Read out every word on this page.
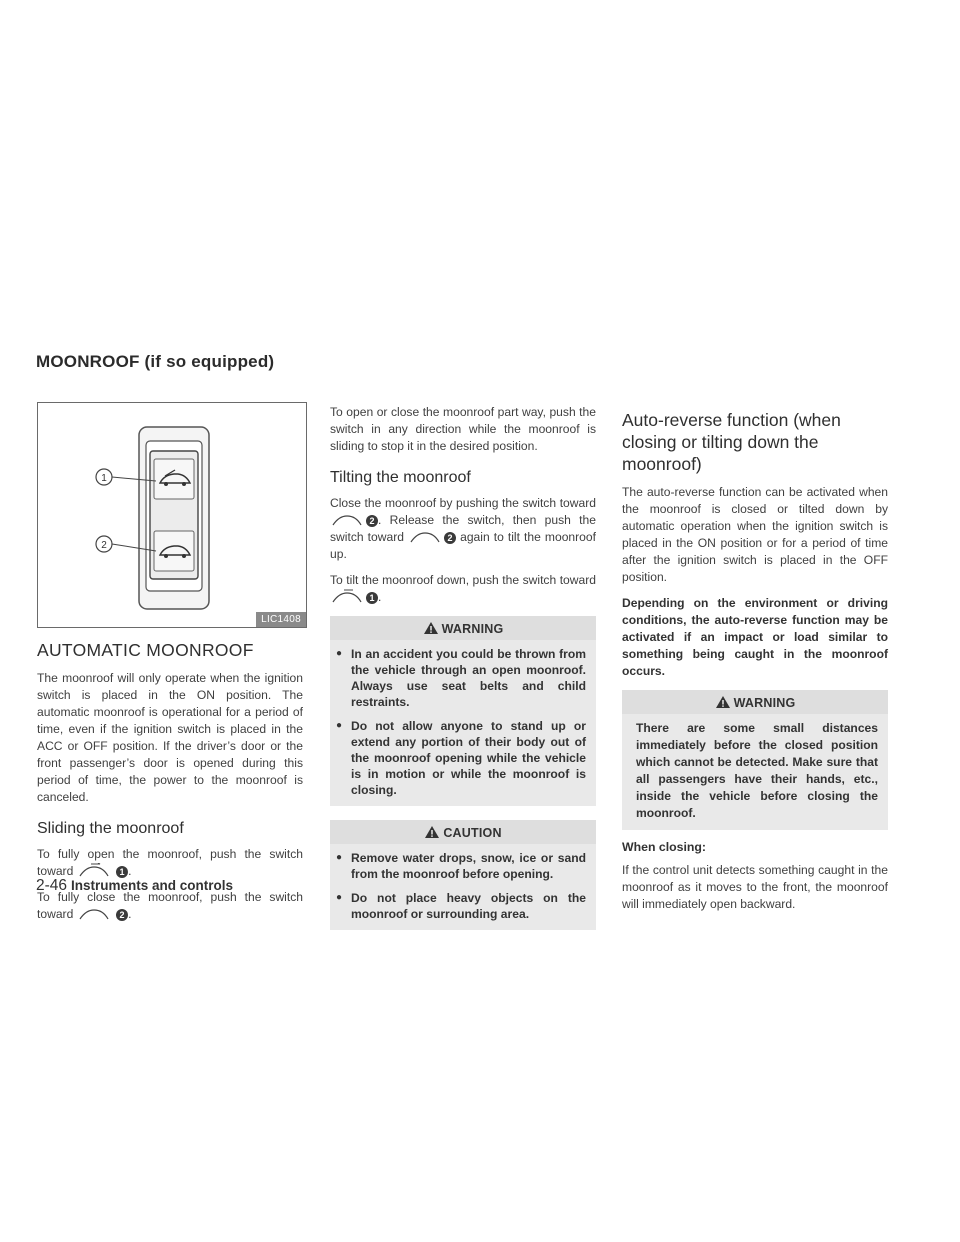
MOONROOF (if so equipped)
1
2
LIC1408
AUTOMATIC MOONROOF

The moonroof will only operate when the ignition switch is placed in the ON position. The automatic moonroof is operational for a period of time, even if the ignition switch is placed in the ACC or OFF position. If the driver’s door or the front passenger’s door is opened during this period of time, the power to the moonroof is canceled.

Sliding the moonroof

To fully open the moonroof, push the switch toward	1 .

To fully close the moonroof, push the switch toward	2 .

To open or close the moonroof part way, push the switch in any direction while the moonroof is sliding to stop it in the desired position.

Tilting the moonroof

Close the moonroof by pushing the switch toward 2 . Release the switch, then push the switch toward	2 again to tilt the moonroof up.

To tilt the moonroof down, push the switch toward 1 .

WARNING
● In an accident you could be thrown from the vehicle through an open moonroof. Always use seat belts and child restraints.
● Do not allow anyone to stand up or extend any portion of their body out of the moonroof opening while the vehicle is in motion or while the moonroof is closing.
CAUTION
● Remove water drops, snow, ice or sand from the moonroof before opening.
● Do not place heavy objects on the moonroof or surrounding area.
Auto-reverse function (when closing or tilting down the moonroof)

The auto-reverse function can be activated when the moonroof is closed or tilted down by automatic operation when the ignition switch is placed in the ON position or for a period of time after the ignition switch is placed in the OFF position.

Depending on the environment or driving conditions, the auto-reverse function may be activated if an impact or load similar to something being caught in the moonroof occurs.

WARNING

There are some small distances immediately before the closed position which cannot be detected. Make sure that all passengers have their hands, etc., inside the vehicle before closing the moonroof.

When closing:

If the control unit detects something caught in the moonroof as it moves to the front, the moonroof will immediately open backward.

2-46 Instruments and controls
